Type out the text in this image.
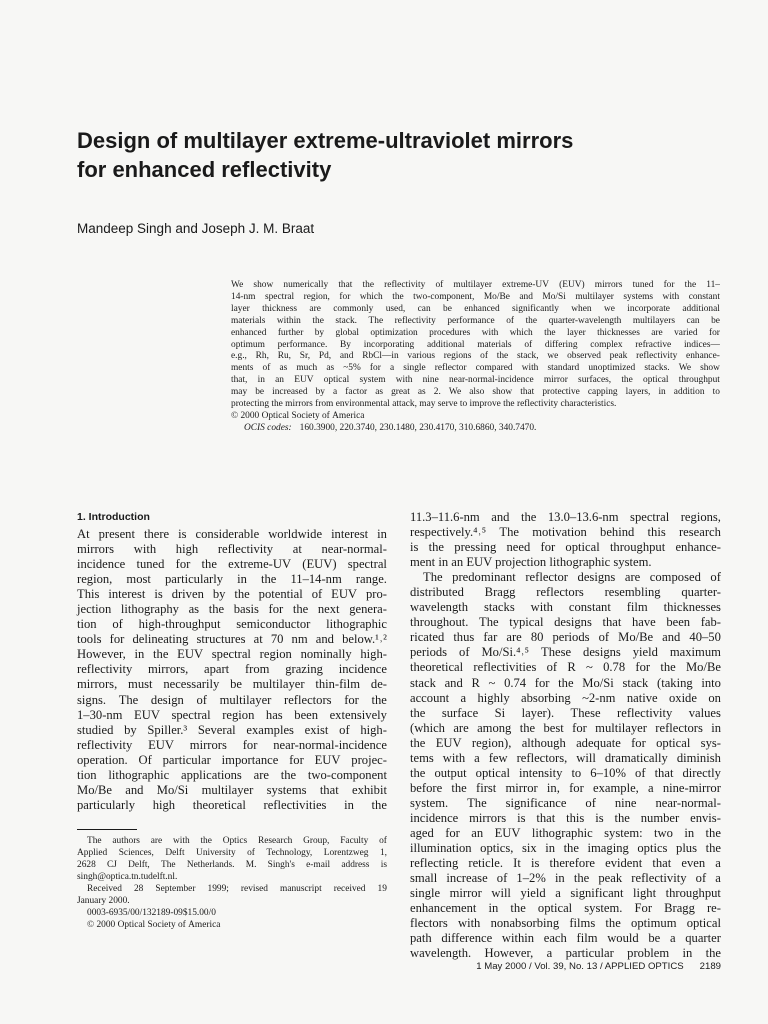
Design of multilayer extreme-ultraviolet mirrors
for enhanced reflectivity
Mandeep Singh and Joseph J. M. Braat
We show numerically that the reflectivity of multilayer extreme-UV (EUV) mirrors tuned for the 11–
14-nm spectral region, for which the two-component, Mo/Be and Mo/Si multilayer systems with constant
layer thickness are commonly used, can be enhanced significantly when we incorporate additional
materials within the stack. The reflectivity performance of the quarter-wavelength multilayers can be
enhanced further by global optimization procedures with which the layer thicknesses are varied for
optimum performance. By incorporating additional materials of differing complex refractive indices—
e.g., Rh, Ru, Sr, Pd, and RbCl—in various regions of the stack, we observed peak reflectivity enhance-
ments of as much as ~5% for a single reflector compared with standard unoptimized stacks. We show
that, in an EUV optical system with nine near-normal-incidence mirror surfaces, the optical throughput
may be increased by a factor as great as 2. We also show that protective capping layers, in addition to
protecting the mirrors from environmental attack, may serve to improve the reflectivity characteristics.
© 2000 Optical Society of America
OCIS codes: 160.3900, 220.3740, 230.1480, 230.4170, 310.6860, 340.7470.
1. Introduction
At present there is considerable worldwide interest in
mirrors with high reflectivity at near-normal-
incidence tuned for the extreme-UV (EUV) spectral
region, most particularly in the 11–14-nm range.
This interest is driven by the potential of EUV pro-
jection lithography as the basis for the next genera-
tion of high-throughput semiconductor lithographic
tools for delineating structures at 70 nm and below.¹˒²
However, in the EUV spectral region nominally high-
reflectivity mirrors, apart from grazing incidence
mirrors, must necessarily be multilayer thin-film de-
signs. The design of multilayer reflectors for the
1–30-nm EUV spectral region has been extensively
studied by Spiller.³ Several examples exist of high-
reflectivity EUV mirrors for near-normal-incidence
operation. Of particular importance for EUV projec-
tion lithographic applications are the two-component
Mo/Be and Mo/Si multilayer systems that exhibit
particularly high theoretical reflectivities in the
The authors are with the Optics Research Group, Faculty of
Applied Sciences, Delft University of Technology, Lorentzweg 1,
2628 CJ Delft, The Netherlands. M. Singh's e-mail address is
singh@optica.tn.tudelft.nl.
Received 28 September 1999; revised manuscript received 19
January 2000.
0003-6935/00/132189-09$15.00/0
© 2000 Optical Society of America
11.3–11.6-nm and the 13.0–13.6-nm spectral regions,
respectively.⁴˒⁵ The motivation behind this research
is the pressing need for optical throughput enhance-
ment in an EUV projection lithographic system.
The predominant reflector designs are composed of
distributed Bragg reflectors resembling quarter-
wavelength stacks with constant film thicknesses
throughout. The typical designs that have been fab-
ricated thus far are 80 periods of Mo/Be and 40–50
periods of Mo/Si.⁴˒⁵ These designs yield maximum
theoretical reflectivities of R ~ 0.78 for the Mo/Be
stack and R ~ 0.74 for the Mo/Si stack (taking into
account a highly absorbing ~2-nm native oxide on
the surface Si layer). These reflectivity values
(which are among the best for multilayer reflectors in
the EUV region), although adequate for optical sys-
tems with a few reflectors, will dramatically diminish
the output optical intensity to 6–10% of that directly
before the first mirror in, for example, a nine-mirror
system. The significance of nine near-normal-
incidence mirrors is that this is the number envis-
aged for an EUV lithographic system: two in the
illumination optics, six in the imaging optics plus the
reflecting reticle. It is therefore evident that even a
small increase of 1–2% in the peak reflectivity of a
single mirror will yield a significant light throughput
enhancement in the optical system. For Bragg re-
flectors with nonabsorbing films the optimum optical
path difference within each film would be a quarter
wavelength. However, a particular problem in the
1 May 2000 / Vol. 39, No. 13 / APPLIED OPTICS 2189
